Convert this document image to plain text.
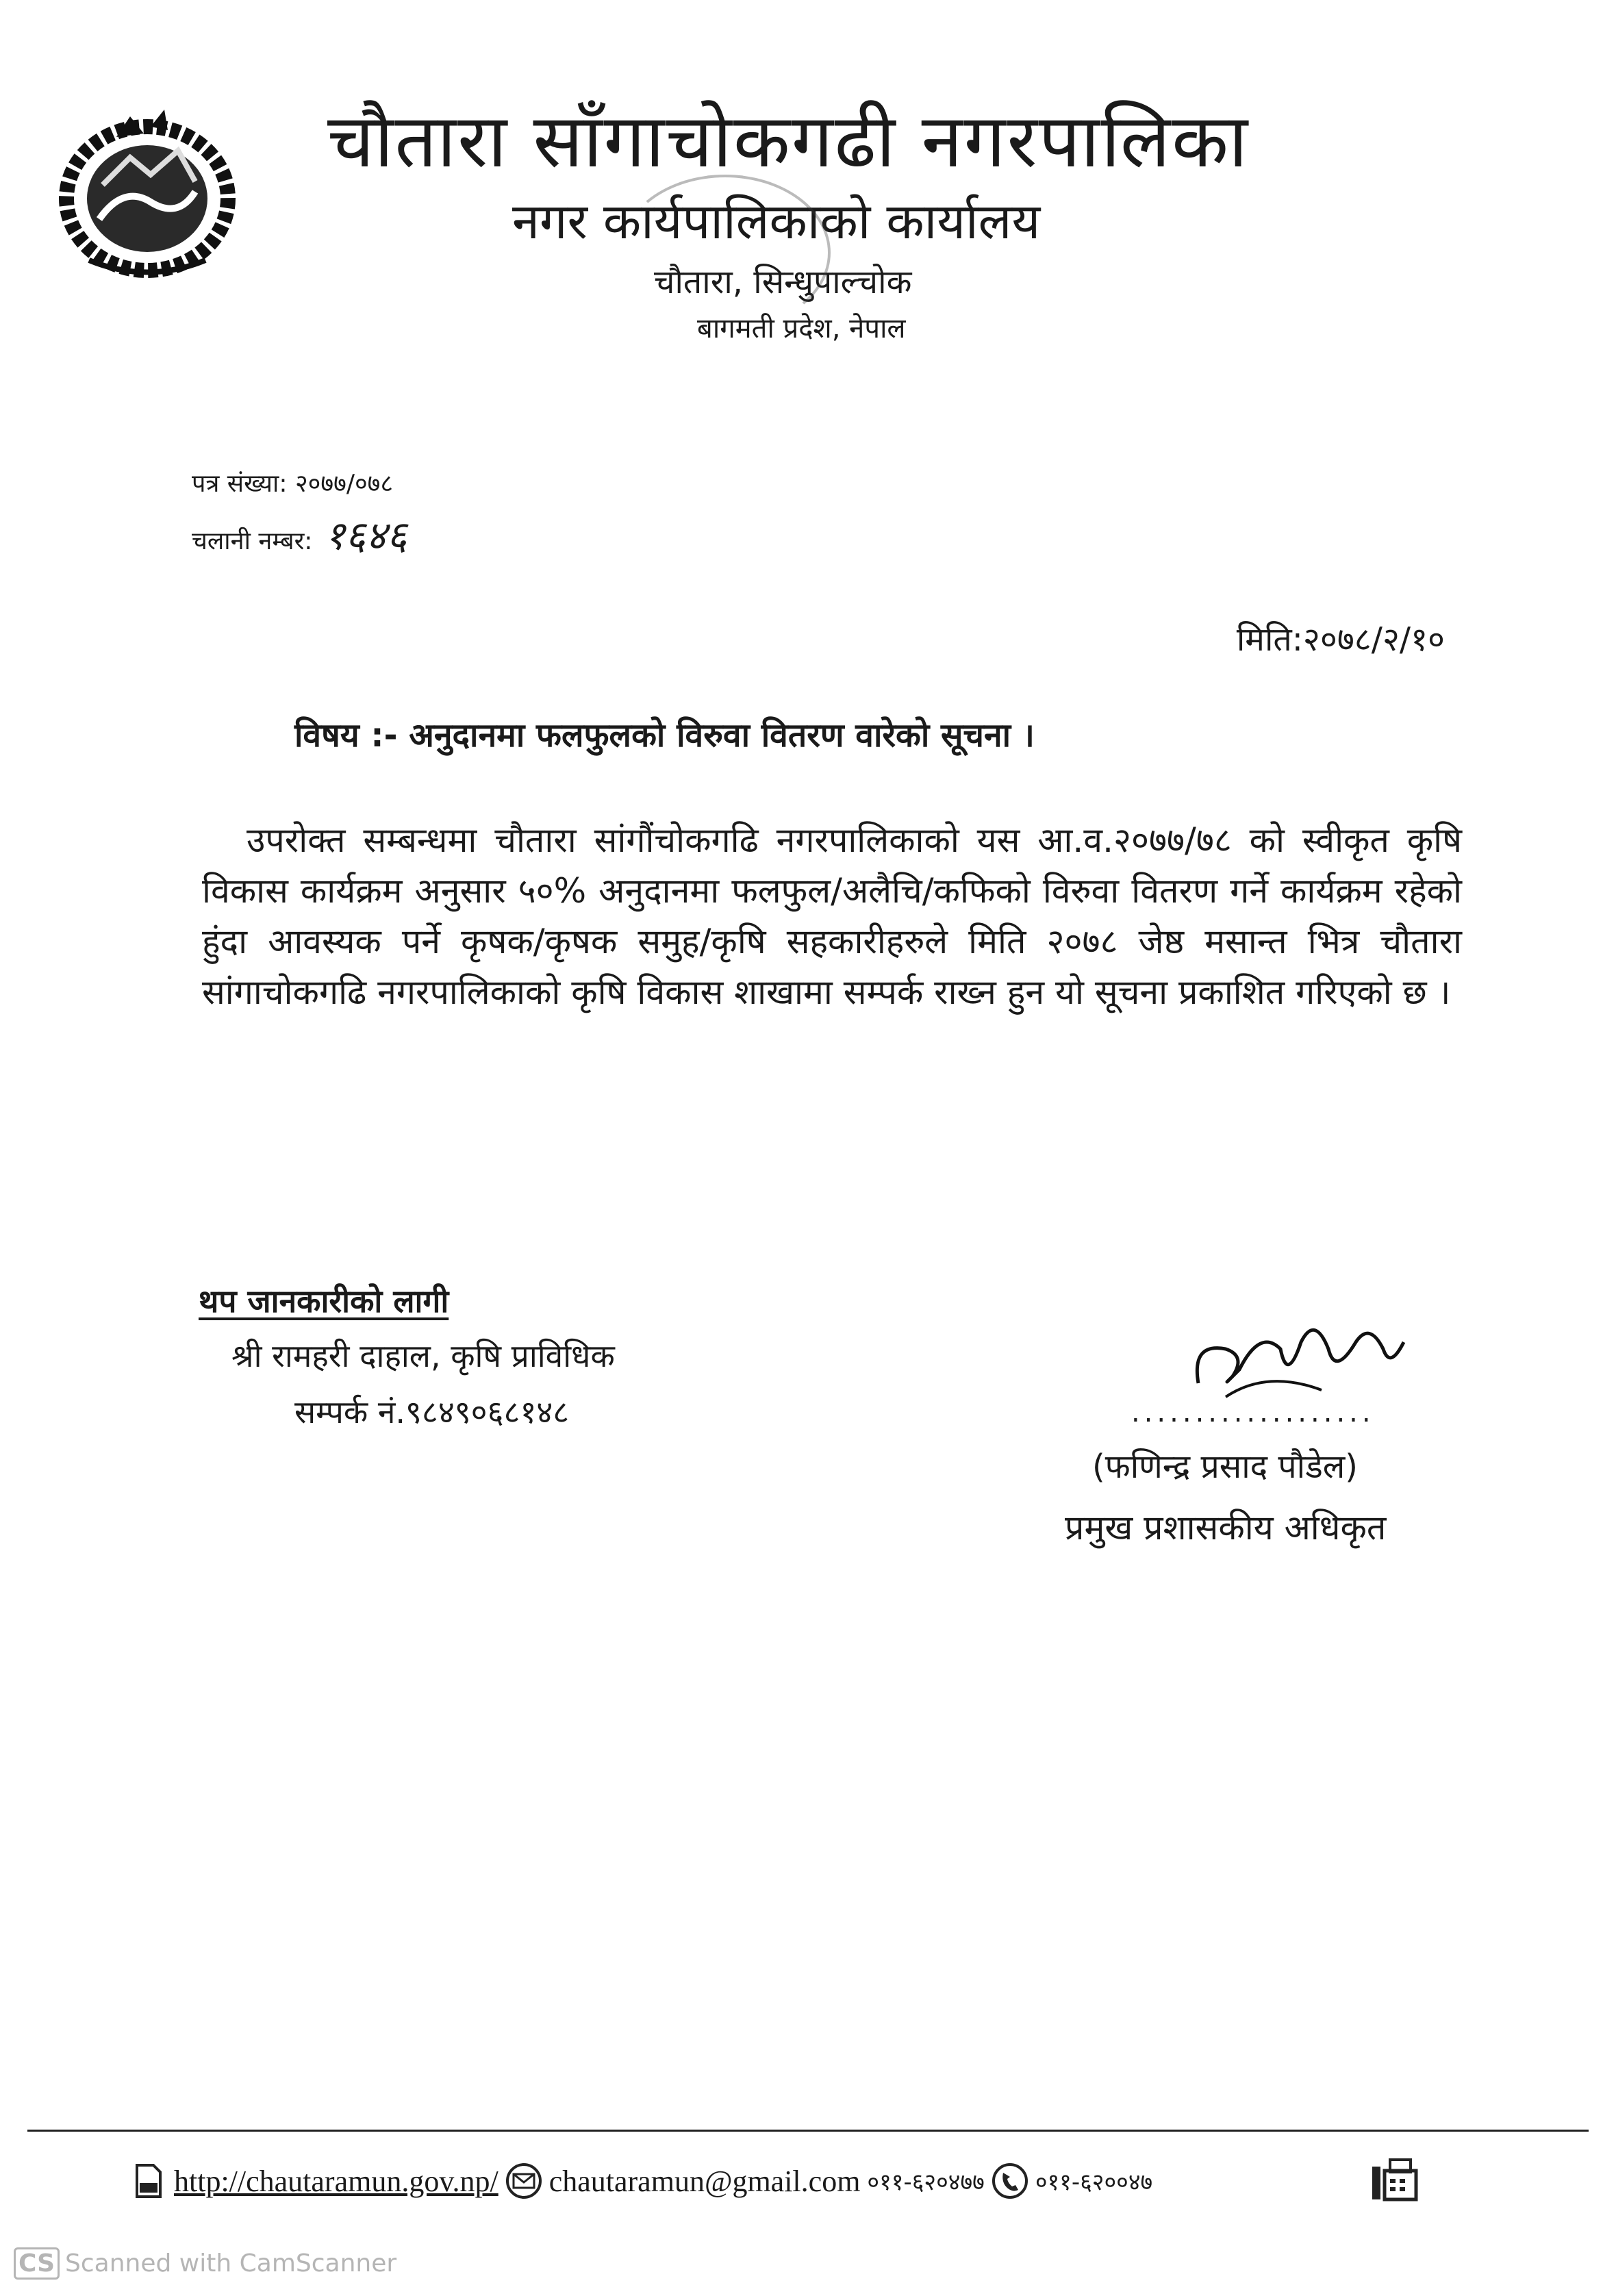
चौतारा साँगाचोकगढी नगरपालिका
नगर कार्यपालिकाको कार्यालय
चौतारा, सिन्धुपाल्चोक
बागमती प्रदेश, नेपाल
पत्र संख्या: २०७७/०७८
चलानी नम्बर: १६४६
मिति:२०७८/२/१०
विषय :- अनुदानमा फलफुलको विरुवा वितरण वारेको सूचना ।
उपरोक्त सम्बन्धमा चौतारा सांगौंचोकगढि नगरपालिकाको यस आ.व.२०७७/७८ को स्वीकृत कृषि विकास कार्यक्रम अनुसार ५०% अनुदानमा फलफुल/अलैचि/कफिको विरुवा वितरण गर्ने कार्यक्रम रहेको हुंदा आवस्यक पर्ने कृषक/कृषक समुह/कृषि सहकारीहरुले मिति २०७८ जेष्ठ मसान्त भित्र चौतारा सांगाचोकगढि नगरपालिकाको कृषि विकास शाखामा सम्पर्क राख्न हुन यो सूचना प्रकाशित गरिएको छ ।
थप जानकारीको लागी
श्री रामहरी दाहाल, कृषि प्राविधिक
सम्पर्क नं.९८४९०६८१४८	...................
(फणिन्द्र प्रसाद पौडेल)
प्रमुख प्रशासकीय अधिकृत
http://chautaramun.gov.np/ chautaramun@gmail.com ०११-६२०४७७ ०११-६२००४७
CS Scanned with CamScanner
